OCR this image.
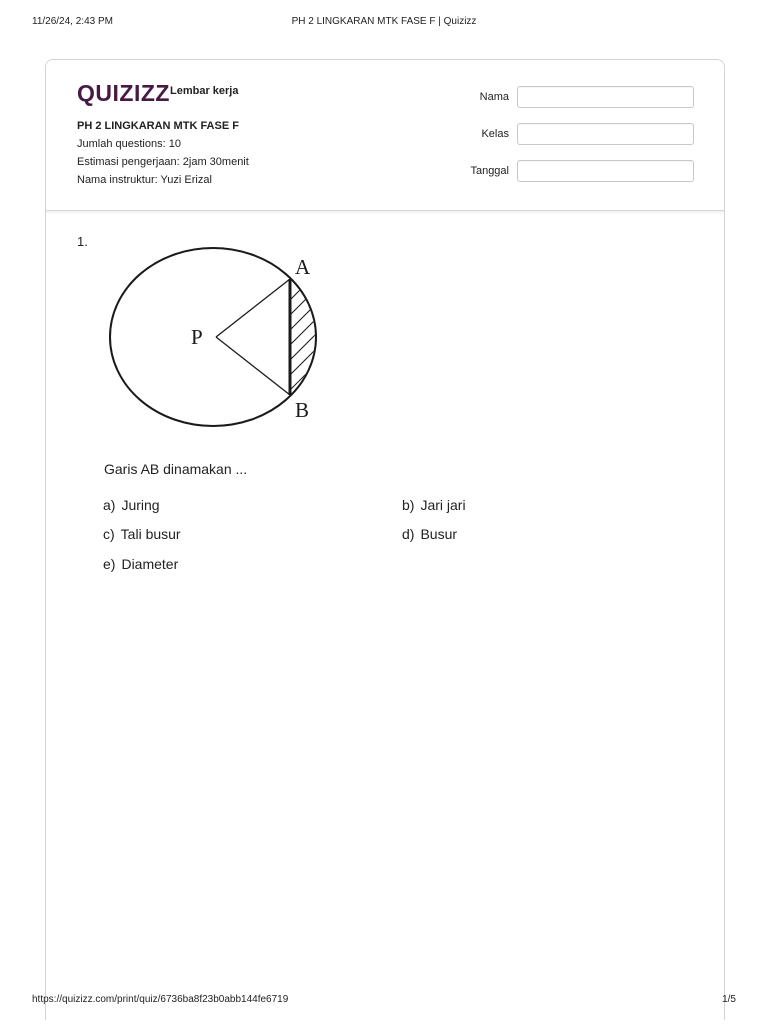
11/26/24, 2:43 PM	PH 2 LINGKARAN MTK FASE F | Quizizz
QUIZIZZ Lembar kerja
PH 2 LINGKARAN MTK FASE F
Jumlah questions: 10
Estimasi pengerjaan: 2jam 30menit
Nama instruktur: Yuzi Erizal
Nama
Kelas
Tanggal
1.
A
B
P
Garis AB dinamakan ...
a) Juring	b) Jari jari
c) Tali busur	d) Busur
e) Diameter
https://quizizz.com/print/quiz/6736ba8f23b0abb144fe6719	1/5
